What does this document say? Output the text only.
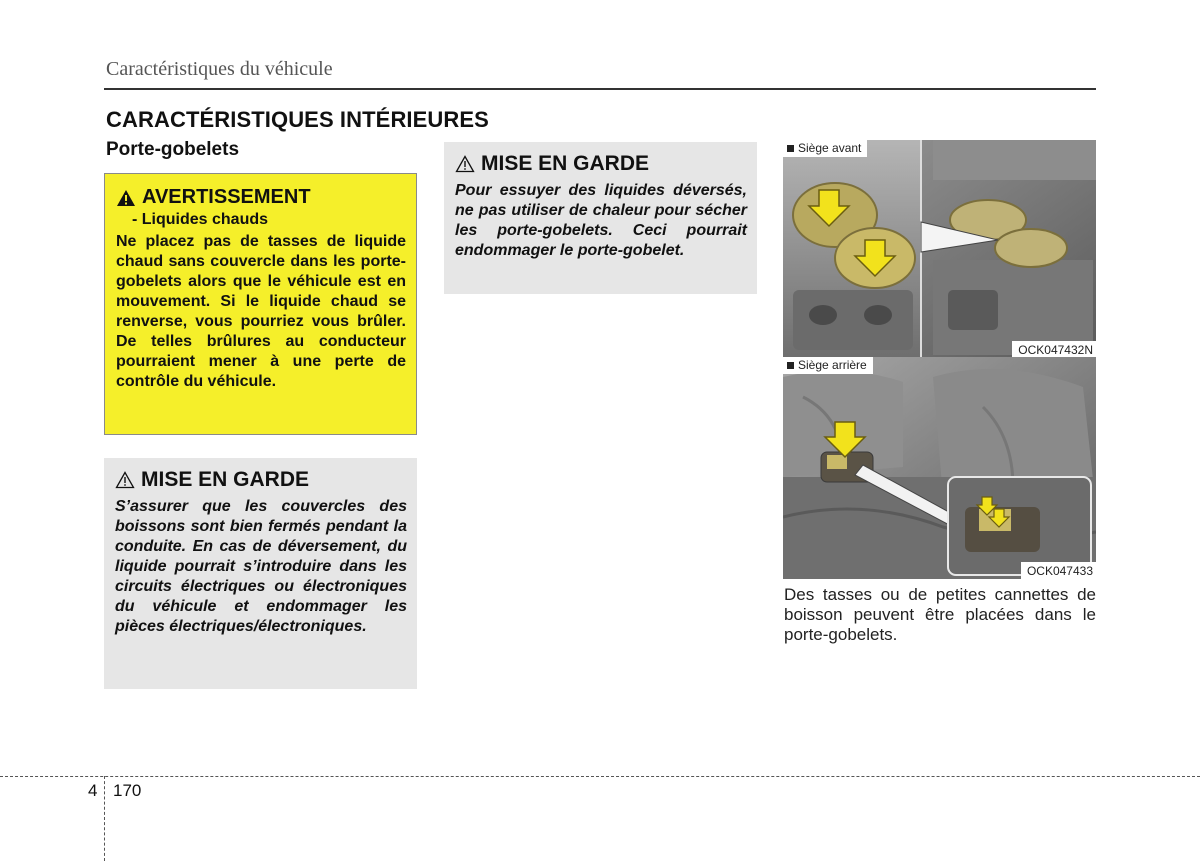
Caractéristiques du véhicule
CARACTÉRISTIQUES INTÉRIEURES
Porte-gobelets
AVERTISSEMENT
- Liquides chauds
Ne placez pas de tasses de liquide chaud sans couvercle dans les porte-gobelets alors que le véhicule est en mouvement. Si le liquide chaud se renverse, vous pourriez vous brûler. De telles brûlures au conducteur pourraient mener à une perte de contrôle du véhicule.
MISE EN GARDE
S’assurer que les couvercles des boissons sont bien fermés pendant la conduite. En cas de déversement, du liquide pourrait s’introduire dans les circuits électriques ou électroniques du véhicule et endommager les pièces électriques/électroniques.
MISE EN GARDE
Pour essuyer des liquides déversés, ne pas utiliser de chaleur pour sécher les porte-gobelets. Ceci pourrait endommager le porte-gobelet.
Siège avant
OCK047432N
Siège arrière
OCK047433
Des tasses ou de petites cannettes de boisson peuvent être placées dans le porte-gobelets.
4 170
